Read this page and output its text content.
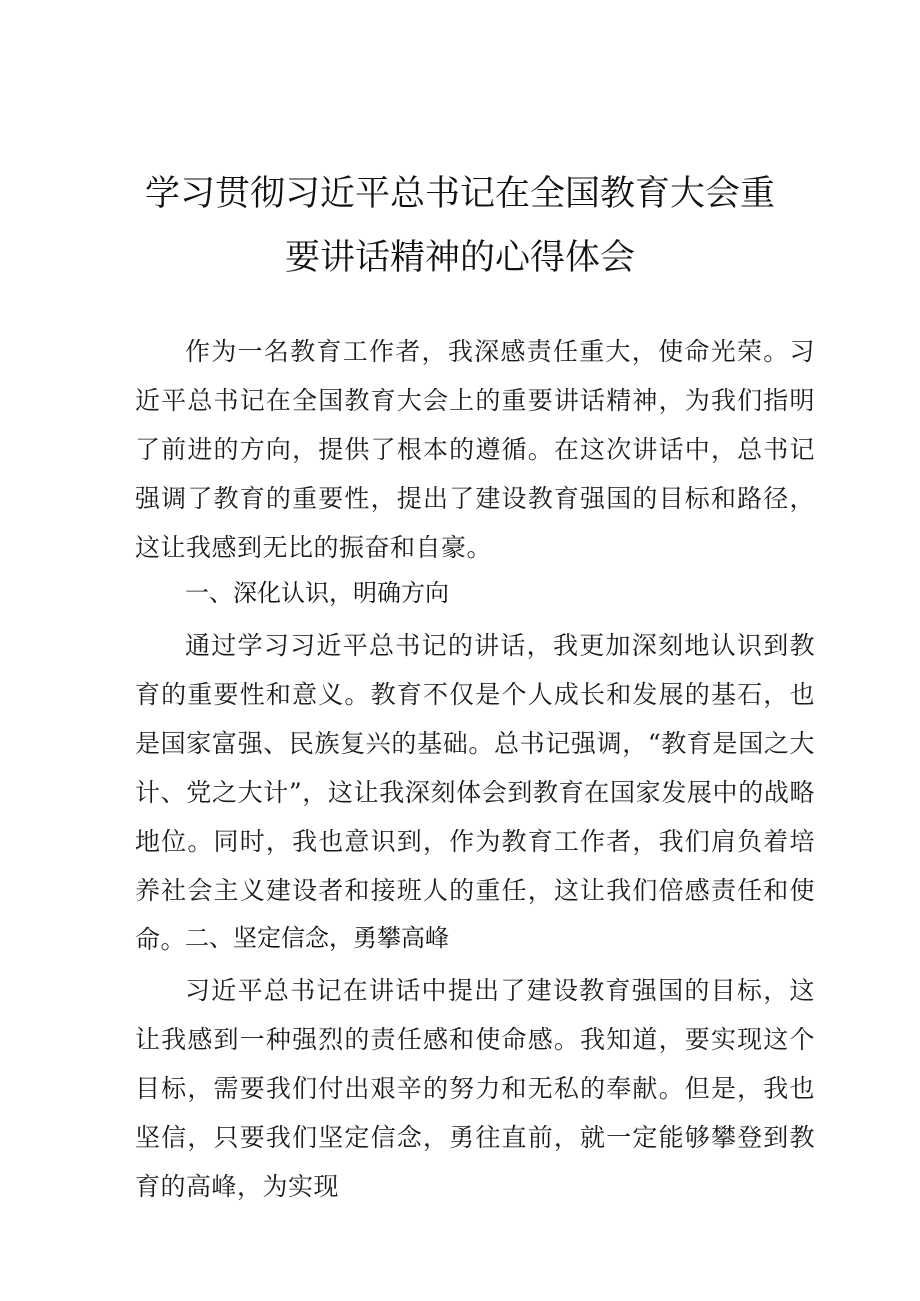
学习贯彻习近平总书记在全国教育大会重
要讲话精神的心得体会

作为一名教育工作者，我深感责任重大，使命光荣。习近平总书记在全国教育大会上的重要讲话精神，为我们指明了前进的方向，提供了根本的遵循。在这次讲话中，总书记强调了教育的重要性，提出了建设教育强国的目标和路径，这让我感到无比的振奋和自豪。

一、深化认识，明确方向

通过学习习近平总书记的讲话，我更加深刻地认识到教育的重要性和意义。教育不仅是个人成长和发展的基石，也是国家富强、民族复兴的基础。总书记强调，“教育是国之大计、党之大计”，这让我深刻体会到教育在国家发展中的战略地位。同时，我也意识到，作为教育工作者，我们肩负着培养社会主义建设者和接班人的重任，这让我们倍感责任和使命。

二、坚定信念，勇攀高峰

习近平总书记在讲话中提出了建设教育强国的目标，这让我感到一种强烈的责任感和使命感。我知道，要实现这个目标，需要我们付出艰辛的努力和无私的奉献。但是，我也坚信，只要我们坚定信念，勇往直前，就一定能够攀登到教育的高峰，为实现
